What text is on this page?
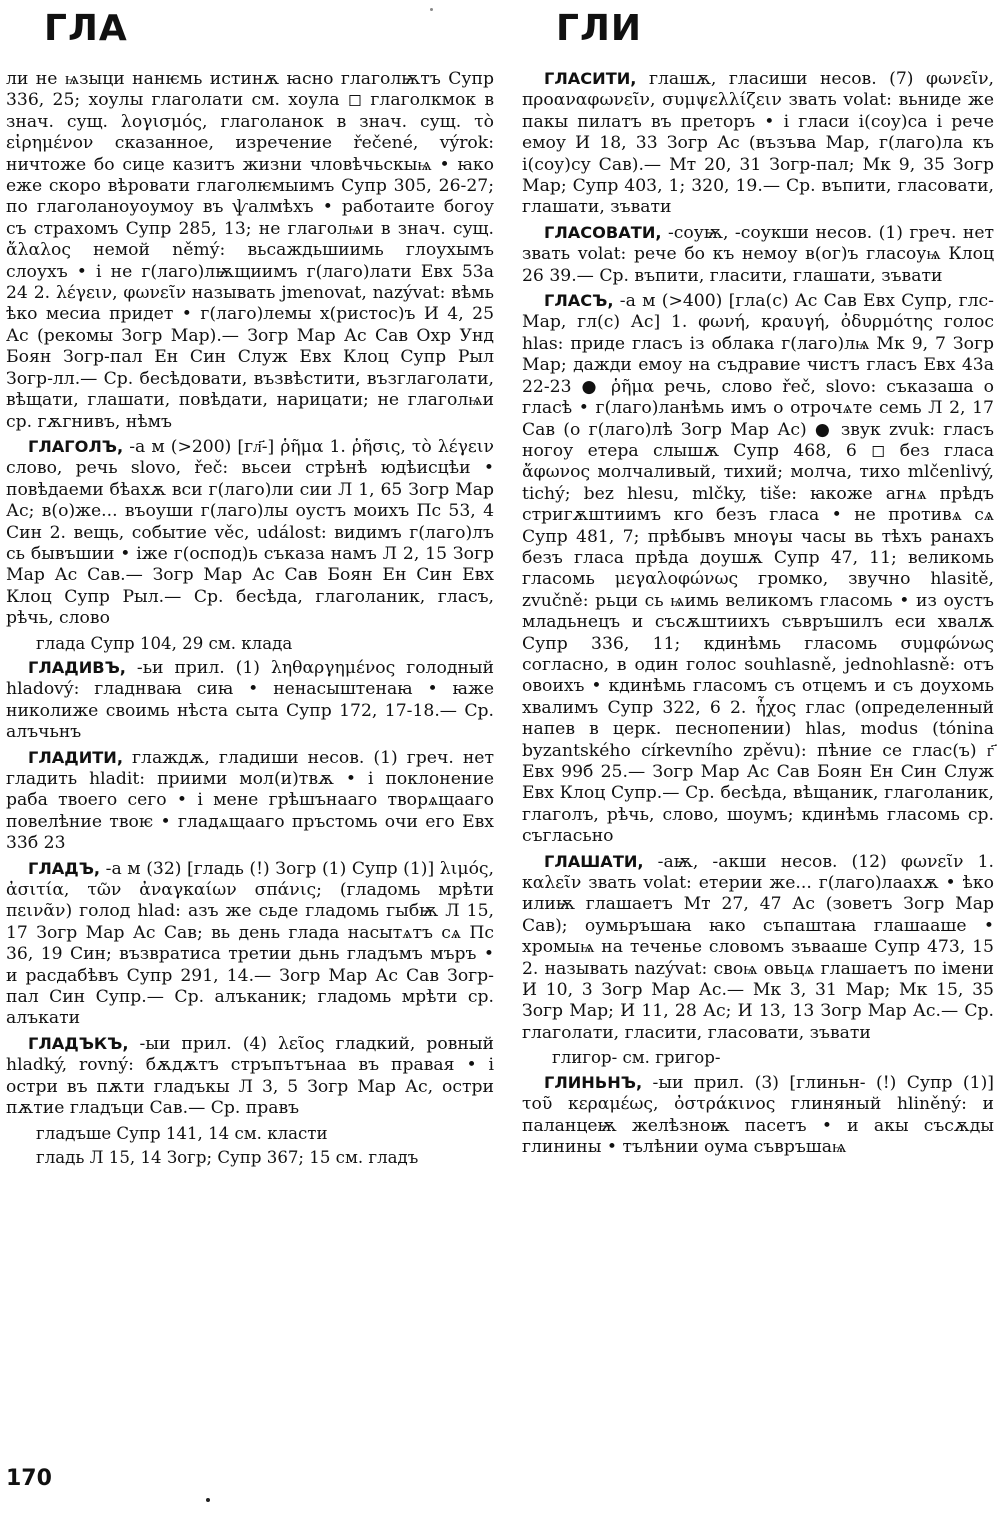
ГЛА	ГЛИ

ли не ѩзыци нанѥмь истинѫ ꙗсно глаголѭтъ Супр 336, 25; хоулы глаголати см. хоула ◻ глаголкмок в знач. сущ. λογισμός, глаголанок в знач. сущ. τὸ εἰρημένον сказанное, изречение řečené, výrok: ничтоже бо сице казитъ жизни чловѣчьскыѩ • ꙗко еже скоро вѣровати глаголѥмыимъ Супр 305, 26-27; по глаголаноуоумоу въ ѱалмѣхъ • работаите богоу съ страхомъ Супр 285, 13; не глаголѩи в знач. сущ. ἄλαλος немой němý: вьсаждьшиимь глоухымъ слоухъ • і не г(лаго)лѭщиимъ г(лаго)лати Евх 53а 24 2. λέγειν, φωνεῖν называть jmenovat, nazývat: вѣмь ѣко месиа придет • г(лаго)лемы х(ристос)ъ И 4, 25 Ас (рекомы Зогр Мар).— Зогр Мар Ас Сав Охр Унд Боян Зогр-пал Ен Син Служ Евх Клоц Супр Рыл Зогр-лл.— Ср. бесѣдовати, възвѣстити, възглаголати, вѣщати, глашати, повѣдати, нарицати; не глаголѩи ср. гѫгнивъ, нѣмъ

ГЛАГОЛЪ, -а м (>200) [гл҃-] ῥῆμα 1. ῥῆσις, τὸ λέγειν слово, речь slovo, řeč: вьсеи стрѣнѣ юдѣисцѣи • повѣдаеми бѣахѫ вси г(лаго)ли сии Л 1, 65 Зогр Мар Ас; в(о)же... въоуши г(лаго)лы оустъ моихъ Пс 53, 4 Син 2. вещь, событие věc, událost: видимъ г(лаго)лъ сь бывъшии • іже г(оспод)ь съказа намъ Л 2, 15 Зогр Мар Ас Сав.— Зогр Мар Ас Сав Боян Ен Син Евх Клоц Супр Рыл.— Ср. бесѣда, глаголаник, гласъ, рѣчь, слово

глада Супр 104, 29 см. клада

ГЛАДИВЪ, -ьи прил. (1) ληθαργημένος голодный hladový: гладнваꙗ сиꙗ • ненасыштенаꙗ • ꙗже николиже своимь нѣста сыта Супр 172, 17-18.— Ср. алъчьнъ

ГЛАДИТИ, глаждѫ, гладиши несов. (1) греч. нет гладить hladit: приими мол(и)твѫ • і поклонение раба твоего сего • і мене грѣшънааго творѧщааго повелѣние твоѥ • гладѧщааго пръстомь очи его Евх 33б 23

ГЛАДЪ, -а м (32) [гладь (!) Зогр (1) Супр (1)] λιμός, ἀσιτία, τῶν ἀναγκαίων σπάνις; (гладомь мрѣти πεινᾶν) голод hlad: азъ же сьде гладомь гыбѭ Л 15, 17 Зогр Мар Ас Сав; вь день глада насытѧтъ сѧ Пс 36, 19 Син; възвратиса третии дьнь гладъмъ мъръ • и расдабѣвъ Супр 291, 14.— Зогр Мар Ас Сав Зогр-пал Син Супр.— Ср. алъканик; гладомь мрѣти ср. алъкати

ГЛАДЪКЪ, -ыи прил. (4) λεῖος гладкий, ровный hladký, rovný: бѫдѫтъ стръпътънаа въ правая • і остри въ пѫти гладъкы Л 3, 5 Зогр Мар Ас, остри пѫтие гладъци Сав.— Ср. правъ

гладъше Супр 141, 14 см. класти

гладь Л 15, 14 Зогр; Супр 367; 15 см. гладъ

ГЛАСИТИ, глашѫ, гласиши несов. (7) φωνεῖν, προαναφωνεῖν, συμψελλίζειν звать volat: вьниде же пакы пилатъ въ преторъ • і гласи і(соу)са і рече емоу И 18, 33 Зогр Ас (възъва Мар, г(лаго)ла къ і(соу)су Сав).— Мт 20, 31 Зогр-пал; Мк 9, 35 Зогр Мар; Супр 403, 1; 320, 19.— Ср. въпити, гласовати, глашати, зъвати

ГЛАСОВАТИ, -соуѭ, -соукши несов. (1) греч. нет звать volat: рече бо къ немоу в(ог)ъ гласоуѩ Клоц 26 39.— Ср. въпити, гласити, глашати, зъвати

ГЛАСЪ, -а м (>400) [гла(с) Ас Сав Евх Супр, глс- Мар, гл(с) Ас] 1. φωνή, κραυγή, ὀδυρμότης голос hlas: приде гласъ із облака г(лаго)лѩ Мк 9, 7 Зогр Мар; дажди емоу на съдравие чистъ гласъ Евх 43а 22-23 ● ῥῆμα речь, слово řeč, slovo: съказаша о гласѣ • г(лаго)ланѣмь имъ о отрочѧте семь Л 2, 17 Сав (о г(лаго)лѣ Зогр Мар Ас) ● звук zvuk: гласъ ногоу етера слышѫ Супр 468, 6 ◻ без гласа ἄφωνος молчаливый, тихий; молча, тихо mlčenlivý, tichý; bez hlesu, mlčky, tiše: ꙗкоже агнѧ прѣдъ стригѫштиимъ кго безъ гласа • не противѧ сѧ Супр 481, 7; прѣбывъ мнογы часы вь тѣхъ ранахъ безъ гласа прѣда доушѫ Супр 47, 11; великомь гласомь μεγαλοφώνως громко, звучно hlasitě, zvučně: рьци сь ѩимь великомъ гласомь • из оустъ младьнецъ и съсѫштиихъ съвръшилъ еси хвалѫ Супр 336, 11; кдинѣмь гласомь συμφώνως согласно, в один голос souhlasně, jednohlasně: отъ овоихъ • кдинѣмь гласомъ съ отцемъ и съ доухомь хвалимъ Супр 322, 6 2. ἦχος глас (определенный напев в церк. песнопении) hlas, modus (tónina byzantského církevního zpěvu): пѣние се глас(ъ) г҃ Евх 99б 25.— Зогр Мар Ас Сав Боян Ен Син Служ Евх Клоц Супр.— Ср. бесѣда, вѣщаник, глаголаник, глаголъ, рѣчь, слово, шоумъ; кдинѣмь гласомь ср. съгласьно

ГЛАШАТИ, -аѭ, -акши несов. (12) φωνεῖν 1. καλεῖν звать volat: етерии же... г(лаго)лаахѫ • ѣко илиѭ глашаетъ Мт 27, 47 Ас (зоветъ Зогр Мар Сав); оумьръшаꙗ ꙗко съпаштаꙗ глашааше • хромыѩ на теченье словомъ зъвааше Супр 473, 15 2. называть nazývat: своѩ овьцѧ глашаетъ по імени И 10, 3 Зогр Мар Ас.— Мк 3, 31 Мар; Мк 15, 35 Зогр Мар; И 11, 28 Ас; И 13, 13 Зогр Мар Ас.— Ср. глаголати, гласити, гласовати, зъвати

глигор- см. григор-

ГЛИНЬНЪ, -ыи прил. (3) [глиньн- (!) Супр (1)] τοῦ κεραμέως, ὀστράκινος глиняный hliněný: и паланцеѭ желѣзноѭ пасетъ • и акы съсѫды глинины • тълѣнии оума съвръшаѩ

170
